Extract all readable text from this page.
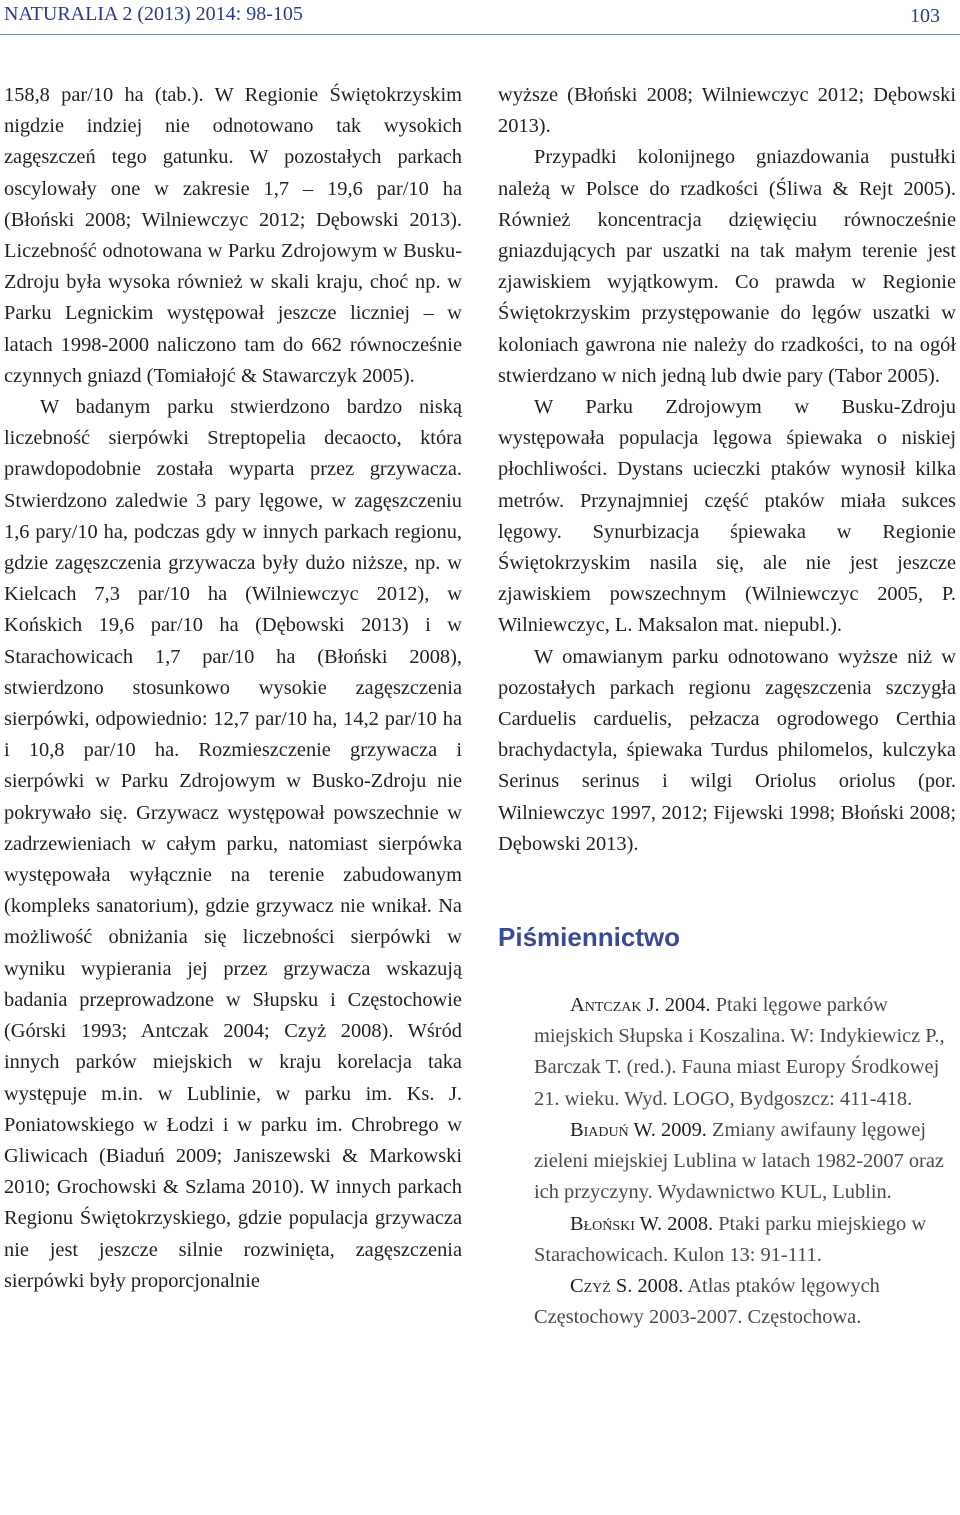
NATURALIA 2 (2013) 2014: 98-105	103

158,8 par/10 ha (tab.). W Regionie Świętokrzyskim nigdzie indziej nie odnotowano tak wysokich zagęszczeń tego gatunku. W pozostałych parkach oscylowały one w zakresie 1,7 – 19,6 par/10 ha (Błoński 2008; Wilniewczyc 2012; Dębowski 2013). Liczebność odnotowana w Parku Zdrojowym w Busku-Zdroju była wysoka również w skali kraju, choć np. w Parku Legnickim występował jeszcze liczniej – w latach 1998-2000 naliczono tam do 662 równocześnie czynnych gniazd (Tomiałojć & Stawarczyk 2005).

W badanym parku stwierdzono bardzo niską liczebność sierpówki Streptopelia decaocto, która prawdopodobnie została wyparta przez grzywacza. Stwierdzono zaledwie 3 pary lęgowe, w zagęszczeniu 1,6 pary/10 ha, podczas gdy w innych parkach regionu, gdzie zagęszczenia grzywacza były dużo niższe, np. w Kielcach 7,3 par/10 ha (Wilniewczyc 2012), w Końskich 19,6 par/10 ha (Dębowski 2013) i w Starachowicach 1,7 par/10 ha (Błoński 2008), stwierdzono stosunkowo wysokie zagęszczenia sierpówki, odpowiednio: 12,7 par/10 ha, 14,2 par/10 ha i 10,8 par/10 ha. Rozmieszczenie grzywacza i sierpówki w Parku Zdrojowym w Busko-Zdroju nie pokrywało się. Grzywacz występował powszechnie w zadrzewieniach w całym parku, natomiast sierpówka występowała wyłącznie na terenie zabudowanym (kompleks sanatorium), gdzie grzywacz nie wnikał. Na możliwość obniżania się liczebności sierpówki w wyniku wypierania jej przez grzywacza wskazują badania przeprowadzone w Słupsku i Częstochowie (Górski 1993; Antczak 2004; Czyż 2008). Wśród innych parków miejskich w kraju korelacja taka występuje m.in. w Lublinie, w parku im. Ks. J. Poniatowskiego w Łodzi i w parku im. Chrobrego w Gliwicach (Biaduń 2009; Janiszewski & Markowski 2010; Grochowski & Szlama 2010). W innych parkach Regionu Świętokrzyskiego, gdzie populacja grzywacza nie jest jeszcze silnie rozwinięta, zagęszczenia sierpówki były proporcjonalnie

wyższe (Błoński 2008; Wilniewczyc 2012; Dębowski 2013).

Przypadki kolonijnego gniazdowania pustułki należą w Polsce do rzadkości (Śliwa & Rejt 2005). Również koncentracja dzięwięciu równocześnie gniazdujących par uszatki na tak małym terenie jest zjawiskiem wyjątkowym. Co prawda w Regionie Świętokrzyskim przystępowanie do lęgów uszatki w koloniach gawrona nie należy do rzadkości, to na ogół stwierdzano w nich jedną lub dwie pary (Tabor 2005).

W Parku Zdrojowym w Busku-Zdroju występowała populacja lęgowa śpiewaka o niskiej płochliwości. Dystans ucieczki ptaków wynosił kilka metrów. Przynajmniej część ptaków miała sukces lęgowy. Synurbizacja śpiewaka w Regionie Świętokrzyskim nasila się, ale nie jest jeszcze zjawiskiem powszechnym (Wilniewczyc 2005, P. Wilniewczyc, L. Maksalon mat. niepubl.).

W omawianym parku odnotowano wyższe niż w pozostałych parkach regionu zagęszczenia szczygła Carduelis carduelis, pełzacza ogrodowego Certhia brachydactyla, śpiewaka Turdus philomelos, kulczyka Serinus serinus i wilgi Oriolus oriolus (por. Wilniewczyc 1997, 2012; Fijewski 1998; Błoński 2008; Dębowski 2013).

Piśmiennictwo

Antczak J. 2004. Ptaki lęgowe parków miejskich Słupska i Koszalina. W: Indykiewicz P., Barczak T. (red.). Fauna miast Europy Środkowej 21. wieku. Wyd. LOGO, Bydgoszcz: 411-418.

Biaduń W. 2009. Zmiany awifauny lęgowej zieleni miejskiej Lublina w latach 1982-2007 oraz ich przyczyny. Wydawnictwo KUL, Lublin.

Błoński W. 2008. Ptaki parku miejskiego w Starachowicach. Kulon 13: 91-111.

Czyż S. 2008. Atlas ptaków lęgowych Częstochowy 2003-2007. Częstochowa.
